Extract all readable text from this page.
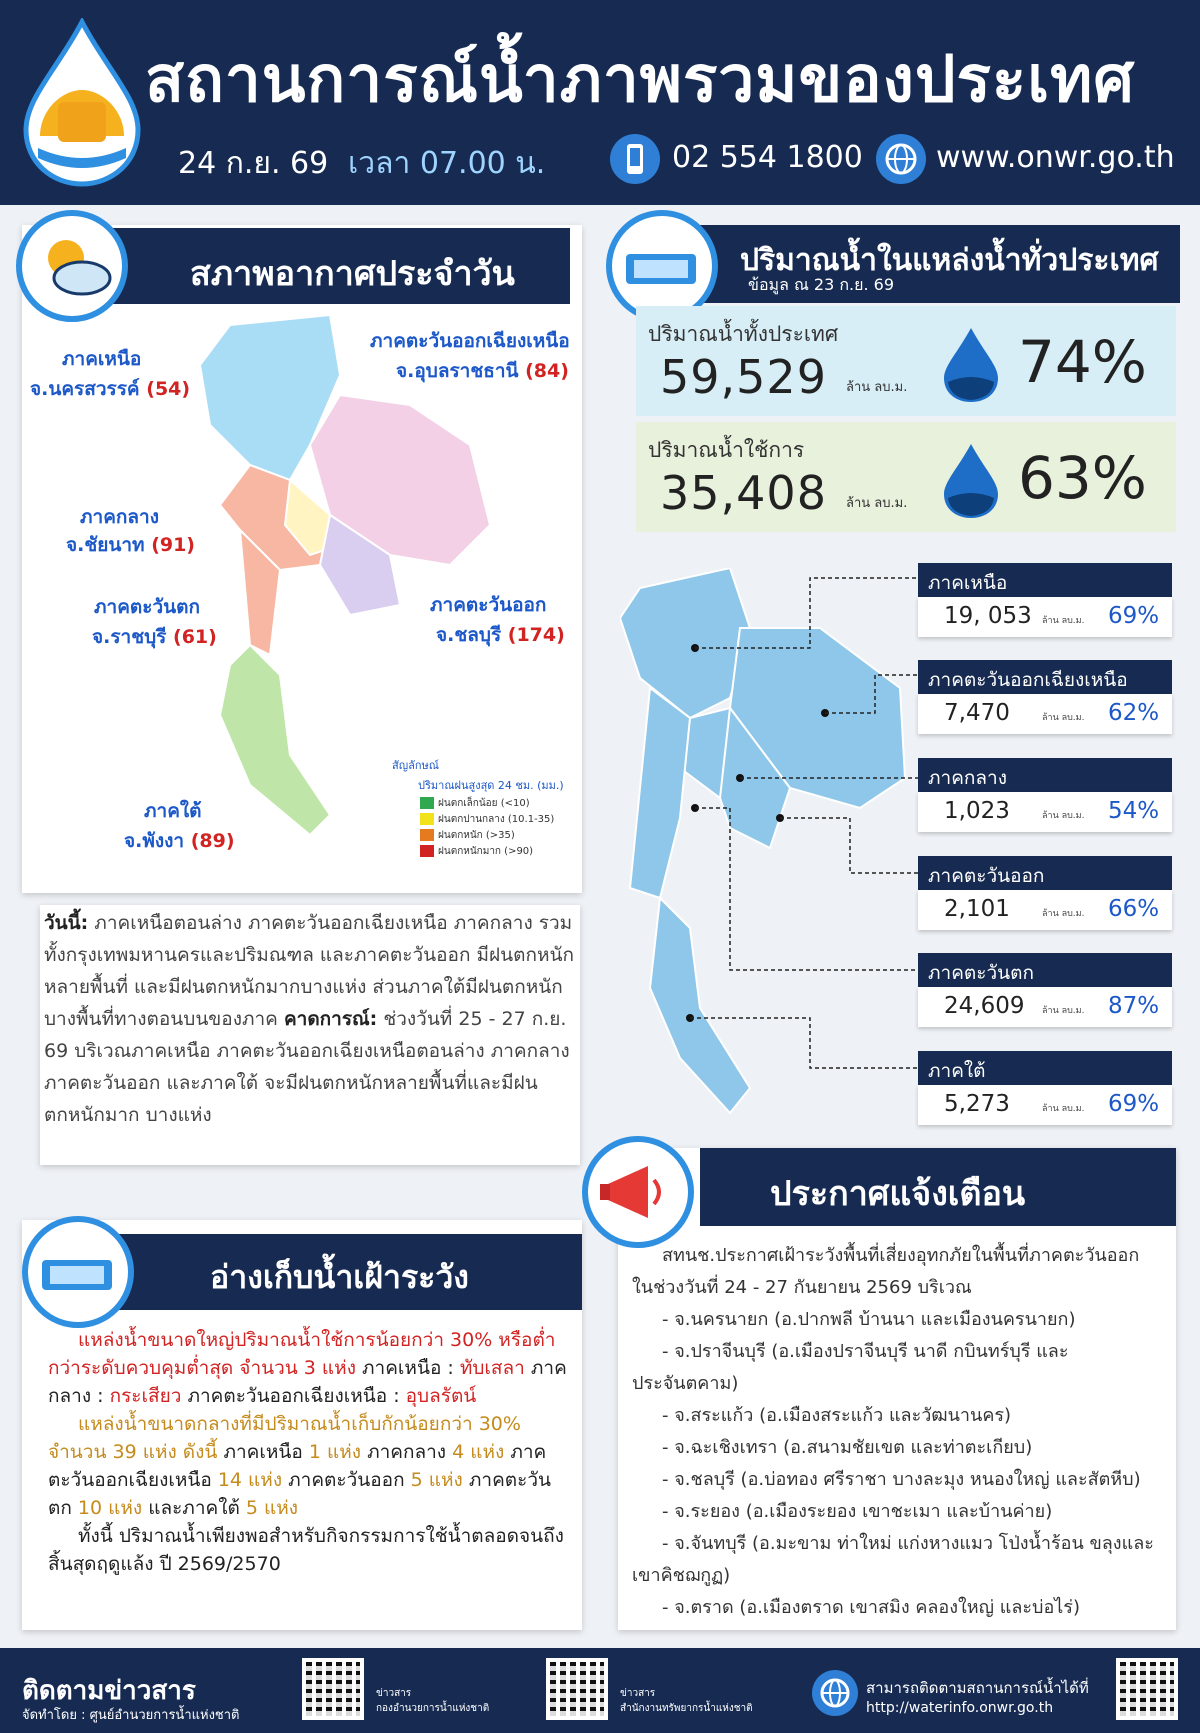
สถานการณ์น้ำภาพรวมของประเทศ
24 ก.ย. 69 เวลา 07.00 น.	02 554 1800 www.onwr.go.th
สภาพอากาศประจำวัน
ภาคเหนือ
จ.นครสวรรค์ (54)
ภาคตะวันออกเฉียงเหนือ
จ.อุบลราชธานี (84)
ภาคกลาง
จ.ชัยนาท (91)
ภาคตะวันตก
จ.ราชบุรี (61)
ภาคตะวันออก
จ.ชลบุรี (174)
ภาคใต้
จ.พังงา (89)
สัญลักษณ์
ปริมาณฝนสูงสุด 24 ชม. (มม.)
ฝนตกเล็กน้อย (<10)
ฝนตกปานกลาง (10.1-35)
ฝนตกหนัก (>35)
ฝนตกหนักมาก (>90)
วันนี้: ภาคเหนือตอนล่าง ภาคตะวันออกเฉียงเหนือ ภาคกลาง รวมทั้งกรุงเทพมหานครและปริมณฑล และภาคตะวันออก มีฝนตกหนักหลายพื้นที่ และมีฝนตกหนักมากบางแห่ง ส่วนภาคใต้มีฝนตกหนักบางพื้นที่ทางตอนบนของภาค คาดการณ์: ช่วงวันที่ 25 - 27 ก.ย. 69 บริเวณภาคเหนือ ภาคตะวันออกเฉียงเหนือตอนล่าง ภาคกลาง ภาคตะวันออก และภาคใต้ จะมีฝนตกหนักหลายพื้นที่และมีฝนตกหนักมาก บางแห่ง
ปริมาณน้ำในแหล่งน้ำทั่วประเทศ
ข้อมูล ณ 23 ก.ย. 69
ปริมาณน้ำทั้งประเทศ
59,529 ล้าน ลบ.ม. 74%
ปริมาณน้ำใช้การ
35,408 ล้าน ลบ.ม. 63%
ภาคเหนือ
19, 053 ล้าน ลบ.ม. 69%
ภาคตะวันออกเฉียงเหนือ
7,470	ล้าน ลบ.ม. 62%
ภาคกลาง
1,023	ล้าน ลบ.ม. 54%
ภาคตะวันออก
2,101	ล้าน ลบ.ม. 66%
ภาคตะวันตก
24,609 ล้าน ลบ.ม. 87%
ภาคใต้
5,273	ล้าน ลบ.ม. 69%
ประกาศแจ้งเตือน

สทนช.ประกาศเฝ้าระวังพื้นที่เสี่ยงอุทกภัยในพื้นที่ภาคตะวันออก ในช่วงวันที่ 24 - 27 กันยายน 2569 บริเวณ

- จ.นครนายก (อ.ปากพลี บ้านนา และเมืองนครนายก)

- จ.ปราจีนบุรี (อ.เมืองปราจีนบุรี นาดี กบินทร์บุรี และประจันตคาม)

- จ.สระแก้ว (อ.เมืองสระแก้ว และวัฒนานคร)

- จ.ฉะเชิงเทรา (อ.สนามชัยเขต และท่าตะเกียบ)

- จ.ชลบุรี (อ.บ่อทอง ศรีราชา บางละมุง หนองใหญ่ และสัตหีบ)

- จ.ระยอง (อ.เมืองระยอง เขาชะเมา และบ้านค่าย)

- จ.จันทบุรี (อ.มะขาม ท่าใหม่ แก่งหางแมว โป่งน้ำร้อน ขลุงและเขาคิชฌกูฏ)

- จ.ตราด (อ.เมืองตราด เขาสมิง คลองใหญ่ และบ่อไร่)

อ่างเก็บน้ำเฝ้าระวัง

แหล่งน้ำขนาดใหญ่ปริมาณน้ำใช้การน้อยกว่า 30% หรือต่ำกว่าระดับควบคุมต่ำสุด จำนวน 3 แห่ง ภาคเหนือ : ทับเสลา ภาคกลาง : กระเสียว ภาคตะวันออกเฉียงเหนือ : อุบลรัตน์

แหล่งน้ำขนาดกลางที่มีปริมาณน้ำเก็บกักน้อยกว่า 30% จำนวน 39 แห่ง ดังนี้ ภาคเหนือ 1 แห่ง ภาคกลาง 4 แห่ง ภาคตะวันออกเฉียงเหนือ 14 แห่ง ภาคตะวันออก 5 แห่ง ภาคตะวันตก 10 แห่ง และภาคใต้ 5 แห่ง

ทั้งนี้ ปริมาณน้ำเพียงพอสำหรับกิจกรรมการใช้น้ำตลอดจนถึงสิ้นสุดฤดูแล้ง ปี 2569/2570

ติดตามข่าวสาร
จัดทำโดย : ศูนย์อำนวยการน้ำแห่งชาติ
ข่าวสาร
กองอำนวยการน้ำแห่งชาติ
ข่าวสาร
สำนักงานทรัพยากรน้ำแห่งชาติ
สามารถติดตามสถานการณ์น้ำได้ที่
http://waterinfo.onwr.go.th
